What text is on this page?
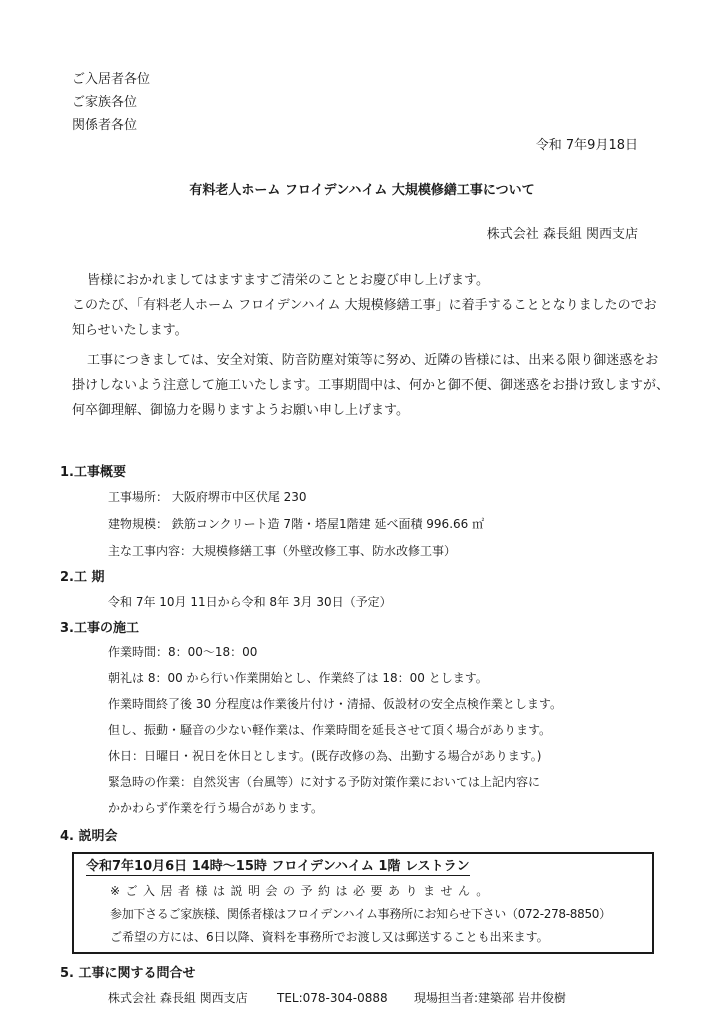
ご入居者各位
ご家族各位
関係者各位
令和 7年9月18日
有料老人ホーム フロイデンハイム 大規模修繕工事について
株式会社 森長組 関西支店
皆様におかれましてはますますご清栄のこととお慶び申し上げます。
このたび、「有料老人ホーム フロイデンハイム 大規模修繕工事」に着手することとなりましたのでお
知らせいたします。
工事につきましては、安全対策、防音防塵対策等に努め、近隣の皆様には、出来る限り御迷惑をお
掛けしないよう注意して施工いたします。工事期間中は、何かと御不便、御迷惑をお掛け致しますが、
何卒御理解、御協力を賜りますようお願い申し上げます。
1.工事概要
工事場所： 大阪府堺市中区伏尾 230
建物規模： 鉄筋コンクリート造 7階・塔屋1階建 延べ面積 996.66 ㎡
主な工事内容：大規模修繕工事（外壁改修工事、防水改修工事）
2.工 期
令和 7年 10月 11日から令和 8年 3月 30日（予定）
3.工事の施工
作業時間：8：00～18：00
朝礼は 8：00 から行い作業開始とし、作業終了は 18：00 とします。
作業時間終了後 30 分程度は作業後片付け・清掃、仮設材の安全点検作業とします。
但し、振動・騒音の少ない軽作業は、作業時間を延長させて頂く場合があります。
休日：日曜日・祝日を休日とします。(既存改修の為、出勤する場合があります。)
緊急時の作業：自然災害（台風等）に対する予防対策作業においては上記内容に
かかわらず作業を行う場合があります。
4. 説明会
令和7年10月6日 14時～15時 フロイデンハイム 1階 レストラン
※ご入居者様は説明会の予約は必要ありません。
参加下さるご家族様、関係者様はフロイデンハイム事務所にお知らせ下さい（072-278-8850）
ご希望の方には、6日以降、資料を事務所でお渡し又は郵送することも出来ます。
5. 工事に関する問合せ
株式会社 森長組 関西支店 TEL:078-304-0888 現場担当者:建築部 岩井俊樹
